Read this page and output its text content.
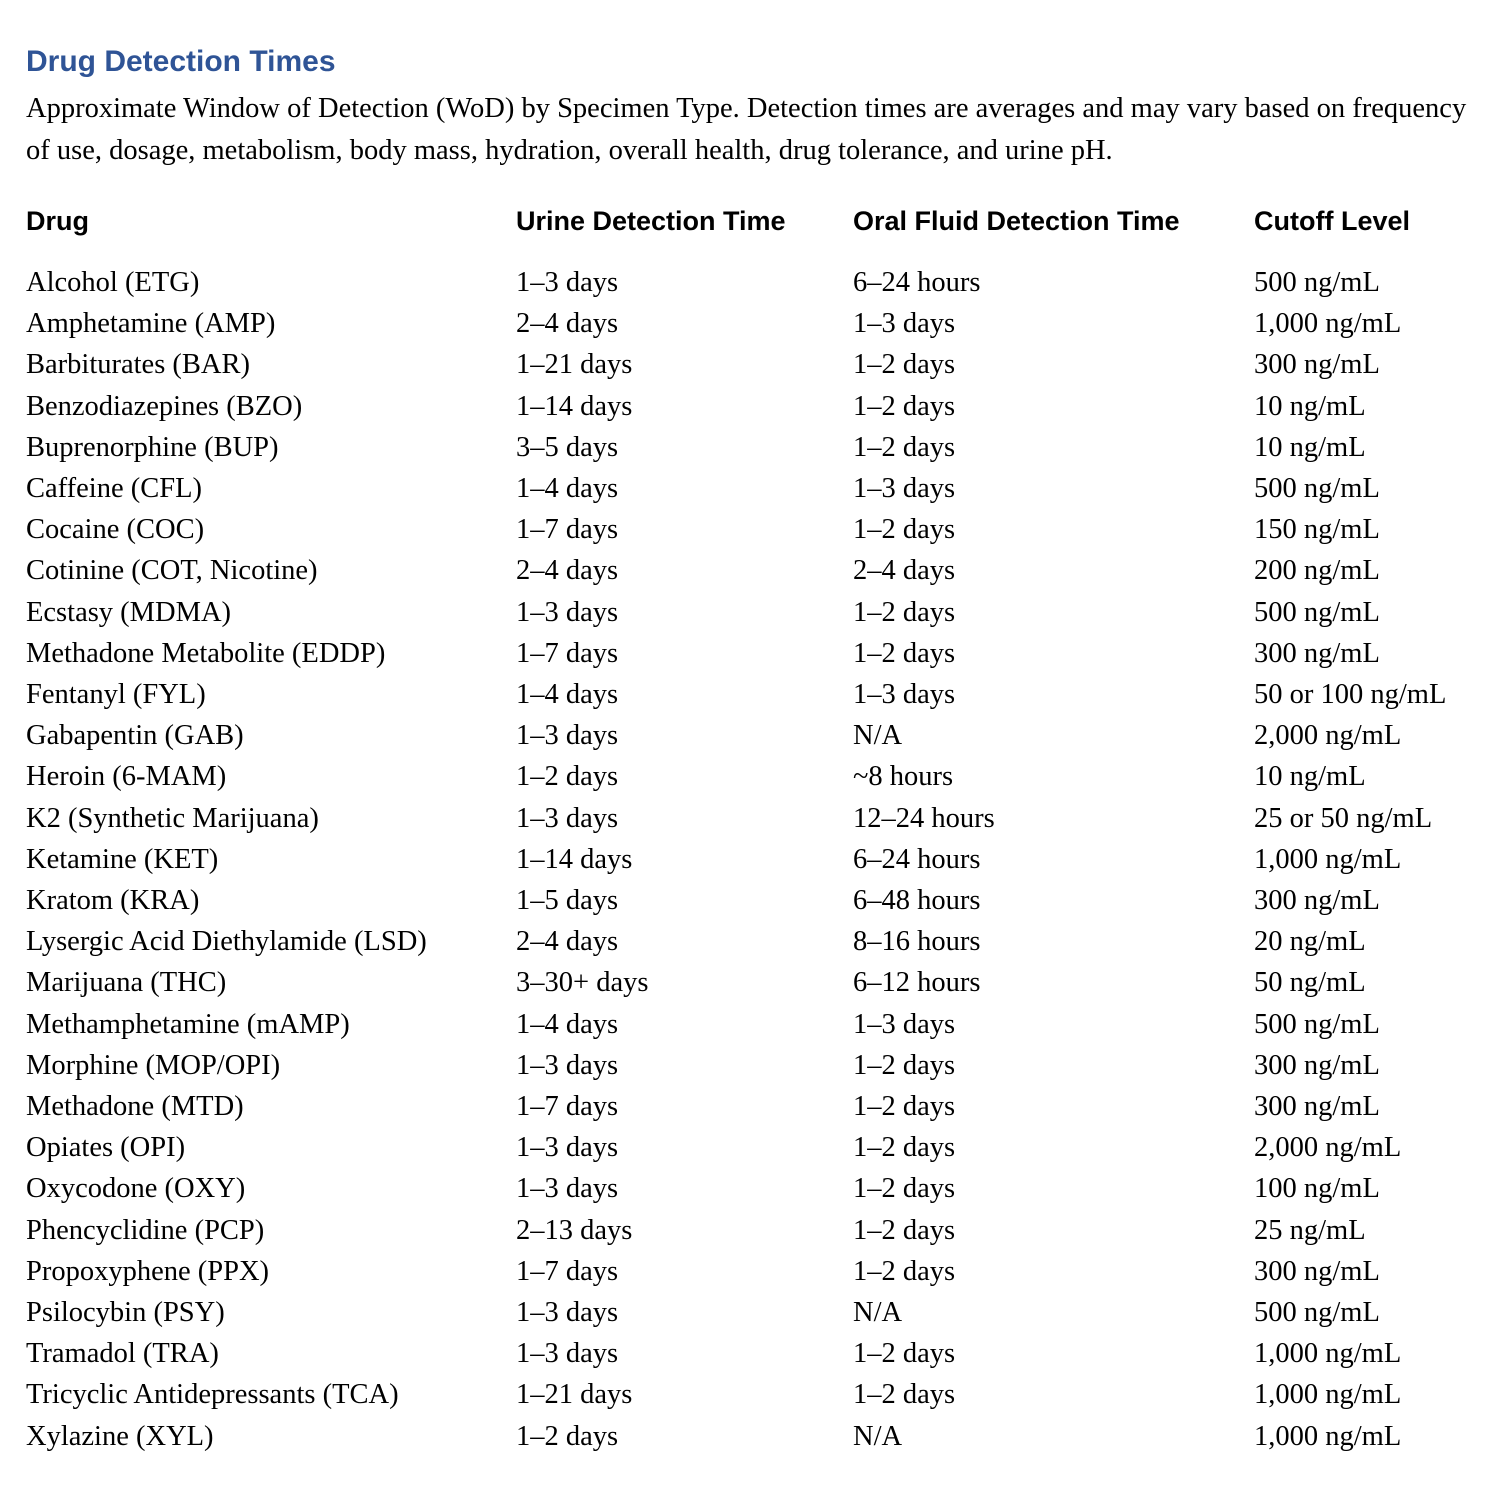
Drug Detection Times

Approximate Window of Detection (WoD) by Specimen Type. Detection times are averages and may vary based on frequency of use, dosage, metabolism, body mass, hydration, overall health, drug tolerance, and urine pH.

Drug	Urine Detection Time	Oral Fluid Detection Time	Cutoff Level

Alcohol (ETG)	1–3 days	6–24 hours	500 ng/mL
Amphetamine (AMP)	2–4 days	1–3 days	1,000 ng/mL
Barbiturates (BAR)	1–21 days	1–2 days	300 ng/mL
Benzodiazepines (BZO)	1–14 days	1–2 days	10 ng/mL
Buprenorphine (BUP)	3–5 days	1–2 days	10 ng/mL
Caffeine (CFL)	1–4 days	1–3 days	500 ng/mL
Cocaine (COC)	1–7 days	1–2 days	150 ng/mL
Cotinine (COT, Nicotine)	2–4 days	2–4 days	200 ng/mL
Ecstasy (MDMA)	1–3 days	1–2 days	500 ng/mL
Methadone Metabolite (EDDP)	1–7 days	1–2 days	300 ng/mL
Fentanyl (FYL)	1–4 days	1–3 days	50 or 100 ng/mL
Gabapentin (GAB)	1–3 days	N/A	2,000 ng/mL
Heroin (6-MAM)	1–2 days	~8 hours	10 ng/mL
K2 (Synthetic Marijuana)	1–3 days	12–24 hours	25 or 50 ng/mL
Ketamine (KET)	1–14 days	6–24 hours	1,000 ng/mL
Kratom (KRA)	1–5 days	6–48 hours	300 ng/mL
Lysergic Acid Diethylamide (LSD)	2–4 days	8–16 hours	20 ng/mL
Marijuana (THC)	3–30+ days	6–12 hours	50 ng/mL
Methamphetamine (mAMP)	1–4 days	1–3 days	500 ng/mL
Morphine (MOP/OPI)	1–3 days	1–2 days	300 ng/mL
Methadone (MTD)	1–7 days	1–2 days	300 ng/mL
Opiates (OPI)	1–3 days	1–2 days	2,000 ng/mL
Oxycodone (OXY)	1–3 days	1–2 days	100 ng/mL
Phencyclidine (PCP)	2–13 days	1–2 days	25 ng/mL
Propoxyphene (PPX)	1–7 days	1–2 days	300 ng/mL
Psilocybin (PSY)	1–3 days	N/A	500 ng/mL
Tramadol (TRA)	1–3 days	1–2 days	1,000 ng/mL
Tricyclic Antidepressants (TCA)	1–21 days	1–2 days	1,000 ng/mL
Xylazine (XYL)	1–2 days	N/A	1,000 ng/mL
